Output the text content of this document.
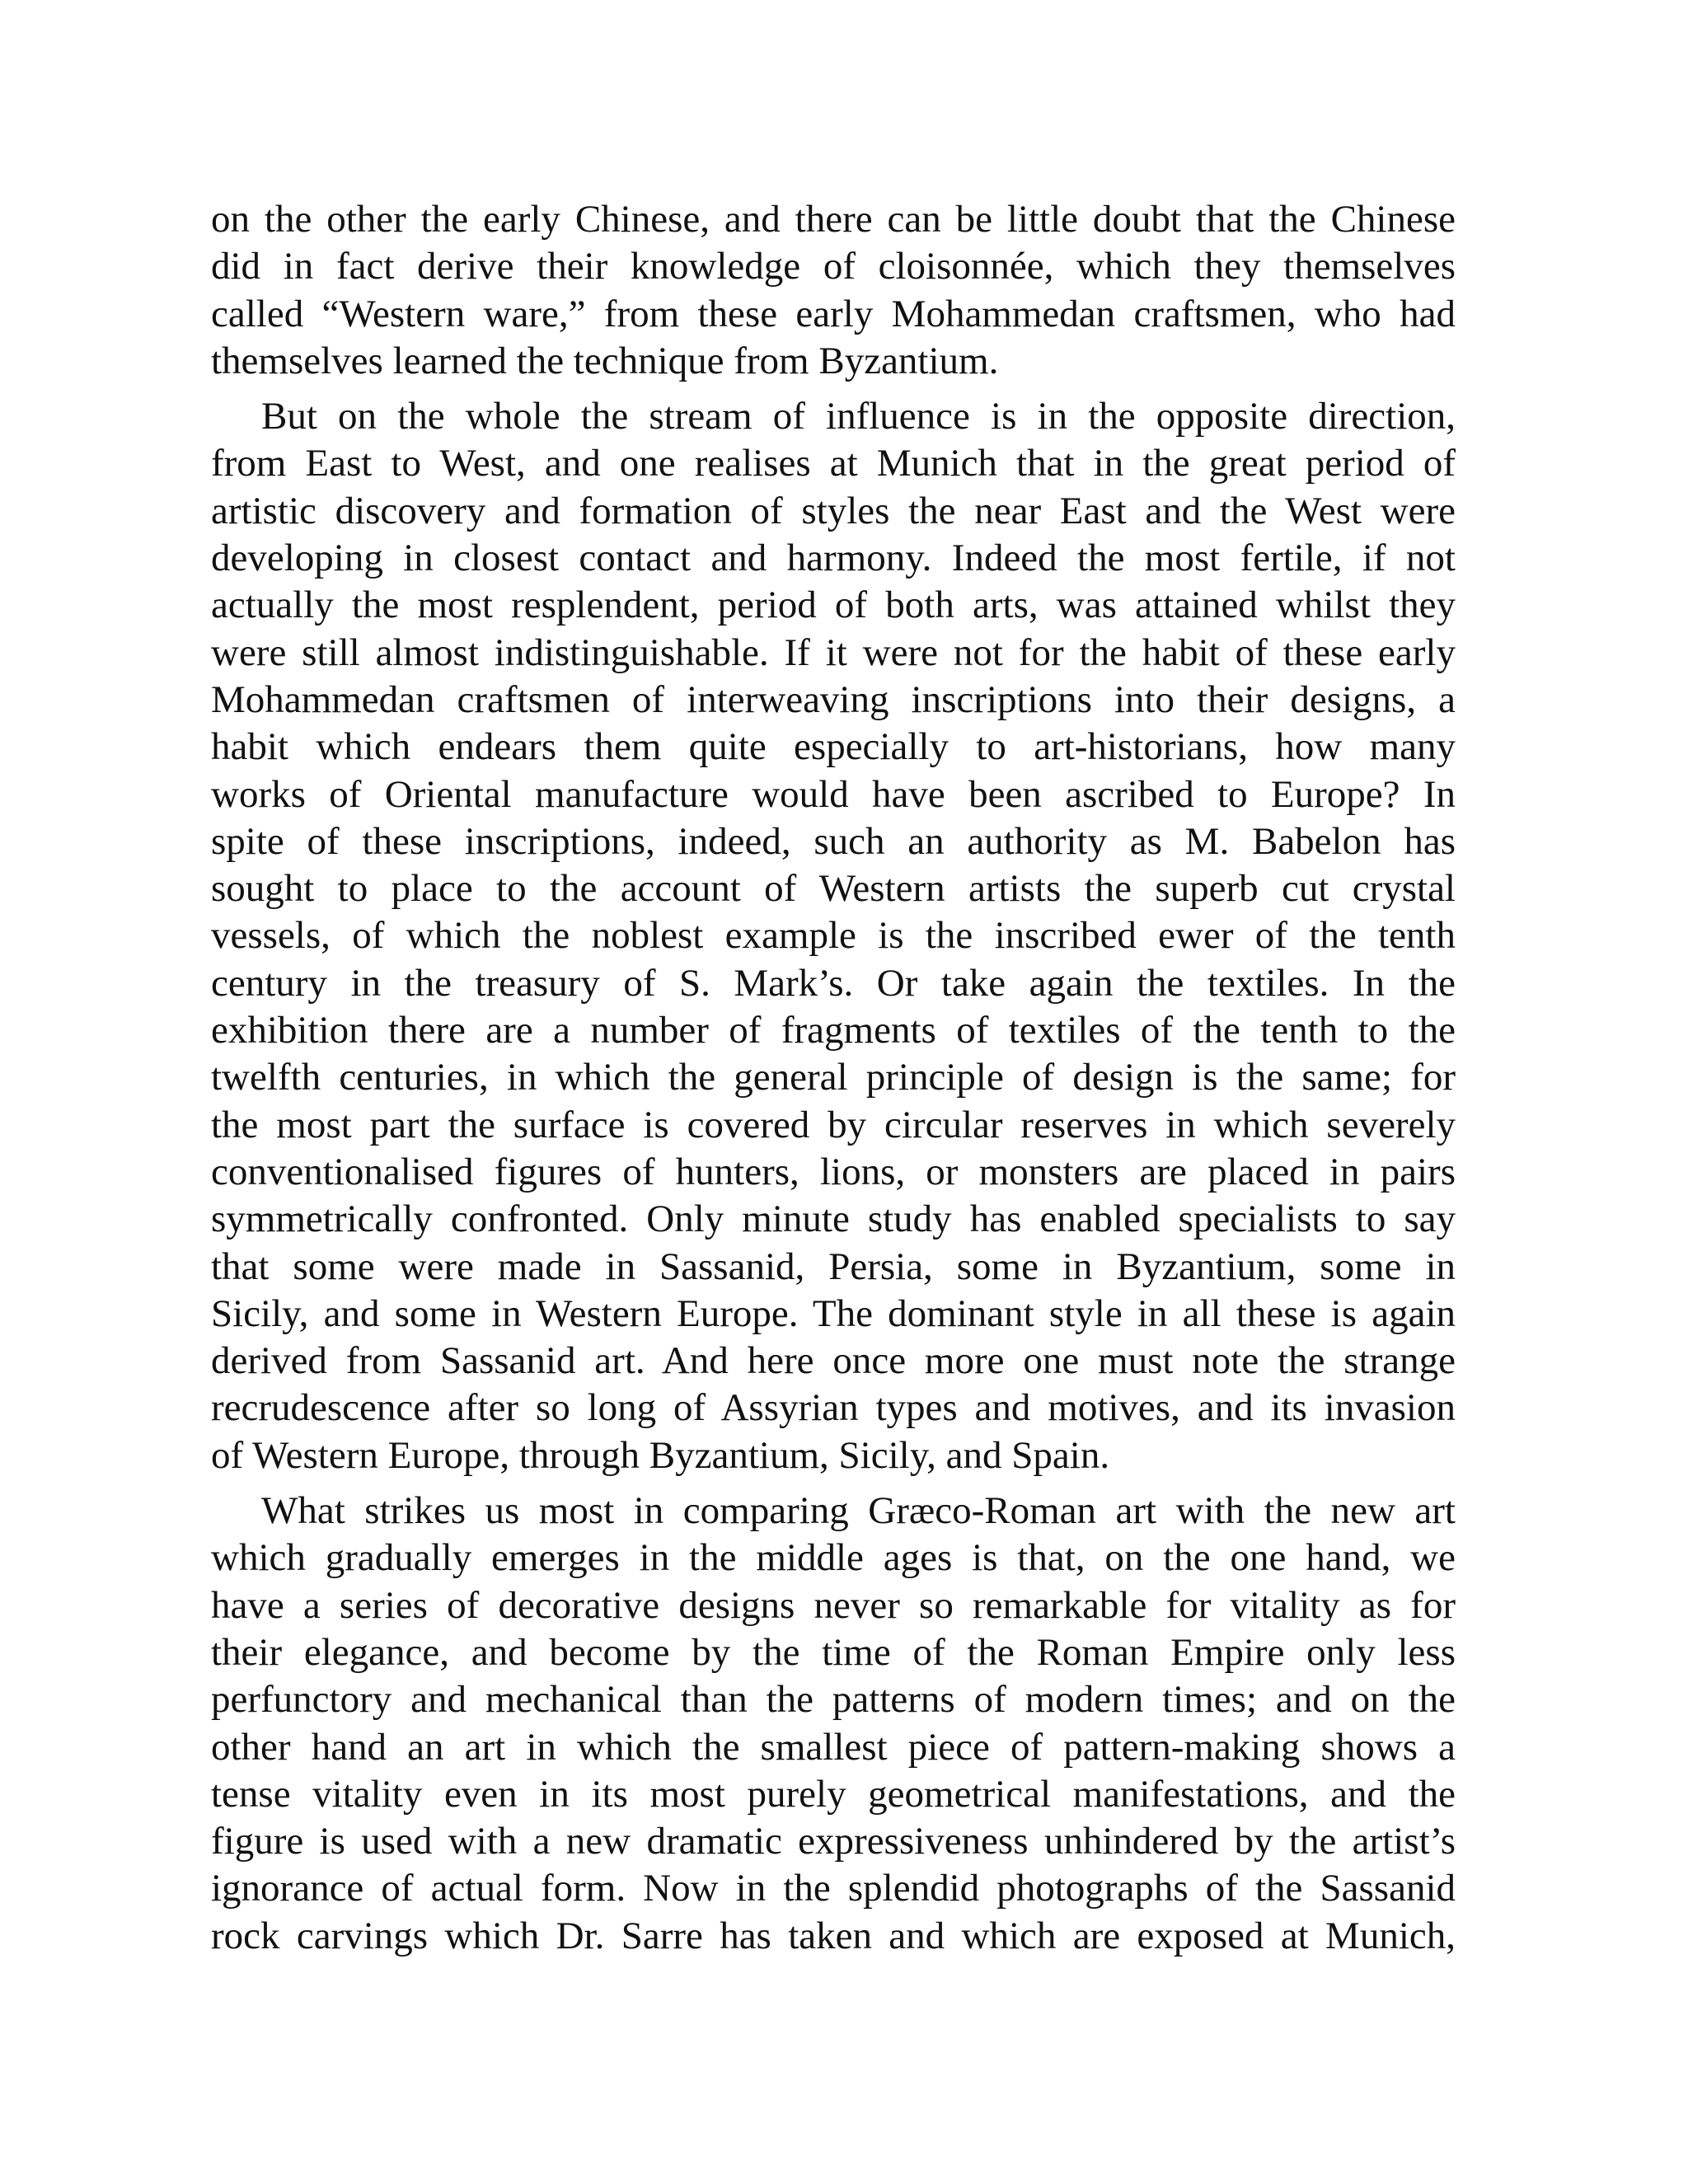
on the other the early Chinese, and there can be little doubt that the Chinese
did in fact derive their knowledge of cloisonnée, which they themselves
called “Western ware,” from these early Mohammedan craftsmen, who had
themselves learned the technique from Byzantium.
But on the whole the stream of influence is in the opposite direction,
from East to West, and one realises at Munich that in the great period of
artistic discovery and formation of styles the near East and the West were
developing in closest contact and harmony. Indeed the most fertile, if not
actually the most resplendent, period of both arts, was attained whilst they
were still almost indistinguishable. If it were not for the habit of these early
Mohammedan craftsmen of interweaving inscriptions into their designs, a
habit which endears them quite especially to art-historians, how many
works of Oriental manufacture would have been ascribed to Europe? In
spite of these inscriptions, indeed, such an authority as M. Babelon has
sought to place to the account of Western artists the superb cut crystal
vessels, of which the noblest example is the inscribed ewer of the tenth
century in the treasury of S. Mark’s. Or take again the textiles. In the
exhibition there are a number of fragments of textiles of the tenth to the
twelfth centuries, in which the general principle of design is the same; for
the most part the surface is covered by circular reserves in which severely
conventionalised figures of hunters, lions, or monsters are placed in pairs
symmetrically confronted. Only minute study has enabled specialists to say
that some were made in Sassanid, Persia, some in Byzantium, some in
Sicily, and some in Western Europe. The dominant style in all these is again
derived from Sassanid art. And here once more one must note the strange
recrudescence after so long of Assyrian types and motives, and its invasion
of Western Europe, through Byzantium, Sicily, and Spain.
What strikes us most in comparing Græco-Roman art with the new art
which gradually emerges in the middle ages is that, on the one hand, we
have a series of decorative designs never so remarkable for vitality as for
their elegance, and become by the time of the Roman Empire only less
perfunctory and mechanical than the patterns of modern times; and on the
other hand an art in which the smallest piece of pattern-making shows a
tense vitality even in its most purely geometrical manifestations, and the
figure is used with a new dramatic expressiveness unhindered by the artist’s
ignorance of actual form. Now in the splendid photographs of the Sassanid
rock carvings which Dr. Sarre has taken and which are exposed at Munich,
